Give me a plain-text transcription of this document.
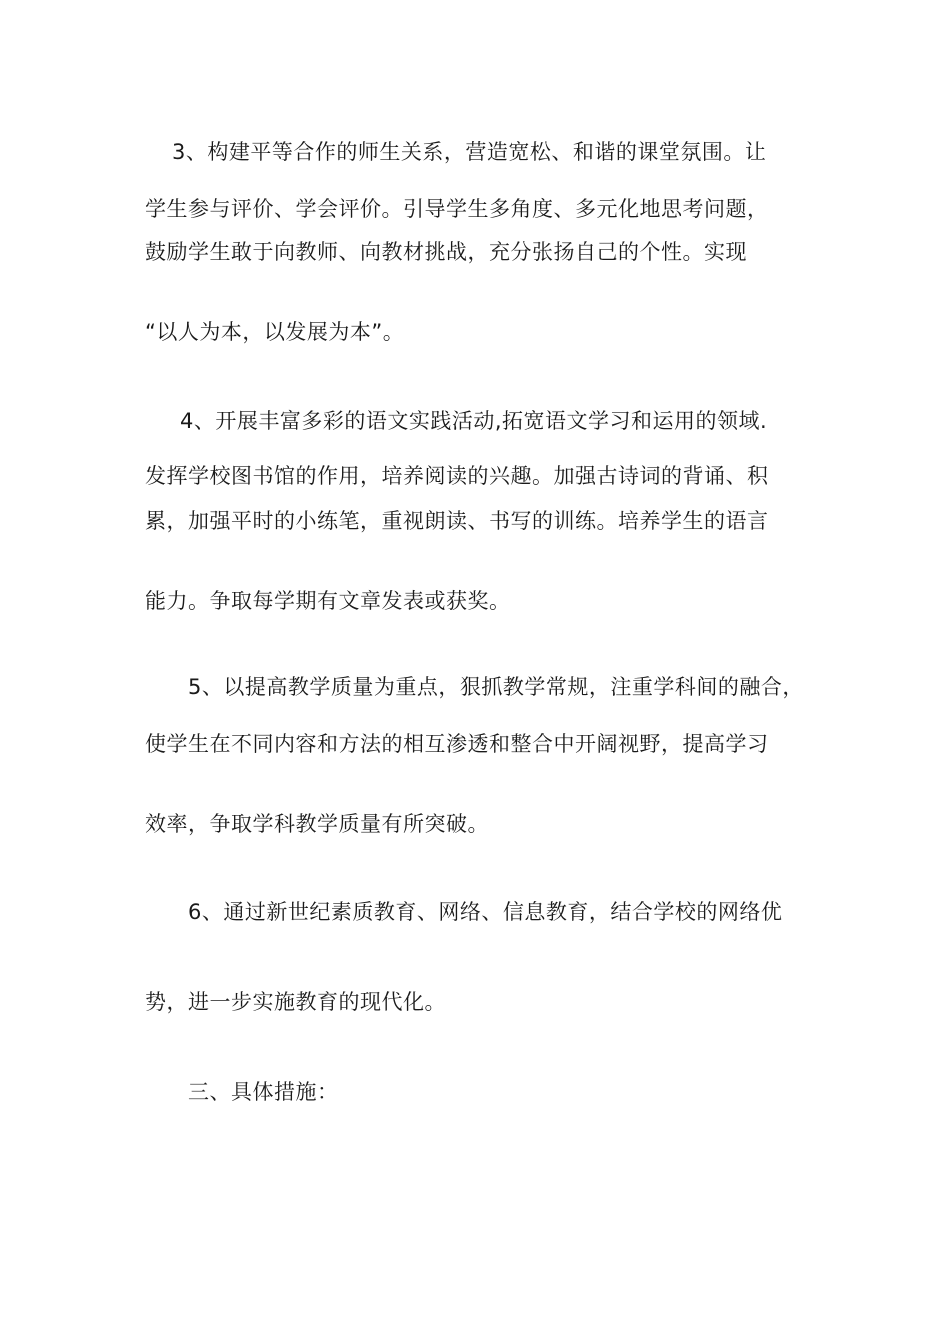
3、构建平等合作的师生关系，营造宽松、和谐的课堂氛围。让
学生参与评价、学会评价。引导学生多角度、多元化地思考问题，
鼓励学生敢于向教师、向教材挑战，充分张扬自己的个性。实现
“以人为本，以发展为本”。
4、开展丰富多彩的语文实践活动,拓宽语文学习和运用的领域.
发挥学校图书馆的作用，培养阅读的兴趣。加强古诗词的背诵、积
累，加强平时的小练笔，重视朗读、书写的训练。培养学生的语言
能力。争取每学期有文章发表或获奖。
5、以提高教学质量为重点，狠抓教学常规，注重学科间的融合，
使学生在不同内容和方法的相互渗透和整合中开阔视野，提高学习
效率，争取学科教学质量有所突破。
6、通过新世纪素质教育、网络、信息教育，结合学校的网络优
势，进一步实施教育的现代化。
三、具体措施：
